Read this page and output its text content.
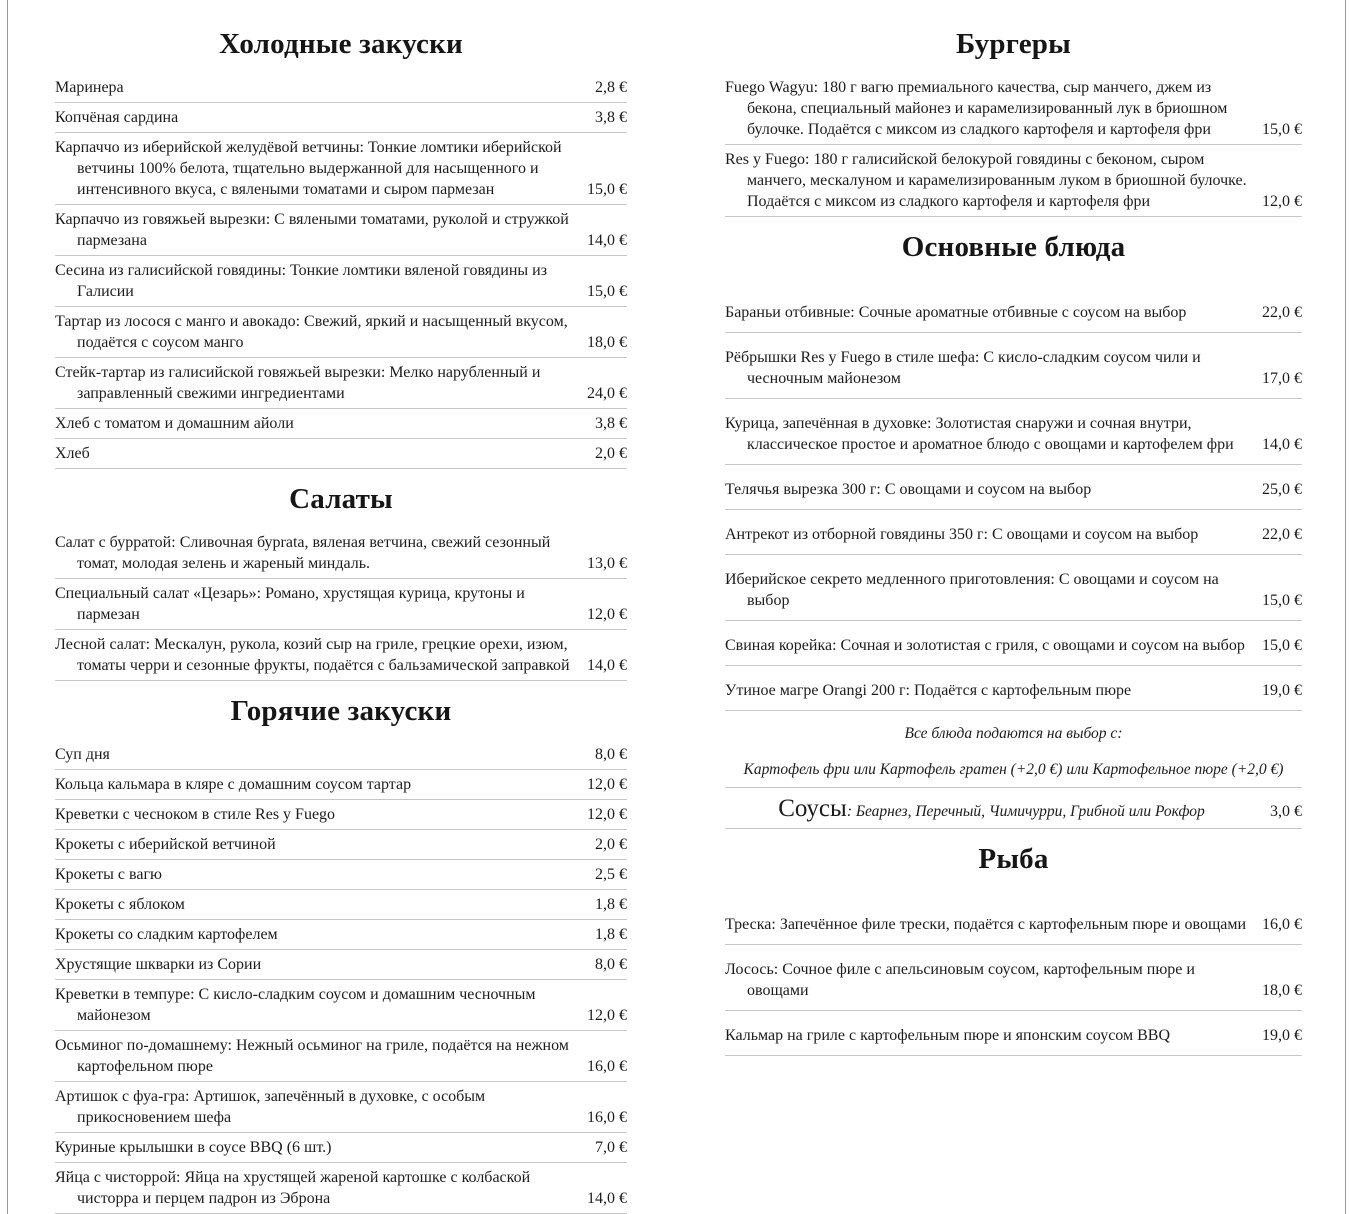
Холодные закуски
Маринера	2,8 €
Копчёная сардина	3,8 €
Карпаччо из иберийской желудёвой ветчины: Тонкие ломтики иберийской ветчины 100% белота, тщательно выдержанной для насыщенного и интенсивного вкуса, с вялеными томатами и сыром пармезан	15,0 €
Карпаччо из говяжьей вырезки: С вялеными томатами, руколой и стружкой пармезана	14,0 €
Сесина из галисийской говядины: Тонкие ломтики вяленой говядины из Галисии	15,0 €
Тартар из лосося с манго и авокадо: Свежий, яркий и насыщенный вкусом, подаётся с соусом манго	18,0 €
Стейк-тартар из галисийской говяжьей вырезки: Мелко нарубленный и заправленный свежими ингредиентами	24,0 €
Хлеб с томатом и домашним айоли	3,8 €
Хлеб	2,0 €
Салаты
Салат с бурратой: Сливочная бурrata, вяленая ветчина, свежий сезонный томат, молодая зелень и жареный миндаль.	13,0 €
Специальный салат «Цезарь»: Романо, хрустящая курица, крутоны и пармезан	12,0 €
Лесной салат: Мескалун, рукола, козий сыр на гриле, грецкие орехи, изюм, томаты черри и сезонные фрукты, подаётся с бальзамической заправкой	14,0 €
Горячие закуски
Суп дня	8,0 €
Кольца кальмара в кляре с домашним соусом тартар	12,0 €
Креветки с чесноком в стиле Res y Fuego	12,0 €
Крокеты с иберийской ветчиной	2,0 €
Крокеты с вагю	2,5 €
Крокеты с яблоком	1,8 €
Крокеты со сладким картофелем	1,8 €
Хрустящие шкварки из Сории	8,0 €
Креветки в темпуре: С кисло-сладким соусом и домашним чесночным майонезом	12,0 €
Осьминог по-домашнему: Нежный осьминог на гриле, подаётся на нежном картофельном пюре	16,0 €
Артишок с фуа-гра: Артишок, запечённый в духовке, с особым прикосновением шефа	16,0 €
Куриные крылышки в соусе BBQ (6 шт.)	7,0 €
Яйца с чисторрой: Яйца на хрустящей жареной картошке с колбаской чисторра и перцем падрон из Эброна	14,0 €
Бургеры
Fuego Wagyu: 180 г вагю премиального качества, сыр манчего, джем из бекона, специальный майонез и карамелизированный лук в бриошном булочке. Подаётся с миксом из сладкого картофеля и картофеля фри	15,0 €
Res y Fuego: 180 г галисийской белокурой говядины с беконом, сыром манчего, мескалуном и карамелизированным луком в бриошной булочке. Подаётся с миксом из сладкого картофеля и картофеля фри	12,0 €
Основные блюда
Бараньи отбивные: Сочные ароматные отбивные с соусом на выбор	22,0 €
Рёбрышки Res y Fuego в стиле шефа: С кисло-сладким соусом чили и чесночным майонезом	17,0 €
Курица, запечённая в духовке: Золотистая снаружи и сочная внутри, классическое простое и ароматное блюдо с овощами и картофелем фри	14,0 €
Телячья вырезка 300 г: С овощами и соусом на выбор	25,0 €
Антрекот из отборной говядины 350 г: С овощами и соусом на выбор	22,0 €
Иберийское секрето медленного приготовления: С овощами и соусом на выбор	15,0 €
Свиная корейка: Сочная и золотистая с гриля, с овощами и соусом на выбор	15,0 €
Утиное магре Orangi 200 г: Подаётся с картофельным пюре	19,0 €
Все блюда подаются на выбор с:
Картофель фри или Картофель гратен (+2,0 €) или Картофельное пюре (+2,0 €)
Соусы: Беарнез, Перечный, Чимичурри, Грибной или Рокфор	3,0 €
Рыба
Треска: Запечённое филе трески, подаётся с картофельным пюре и овощами 16,0 €
Лосось: Сочное филе с апельсиновым соусом, картофельным пюре и овощами	18,0 €
Кальмар на гриле с картофельным пюре и японским соусом BBQ	19,0 €
